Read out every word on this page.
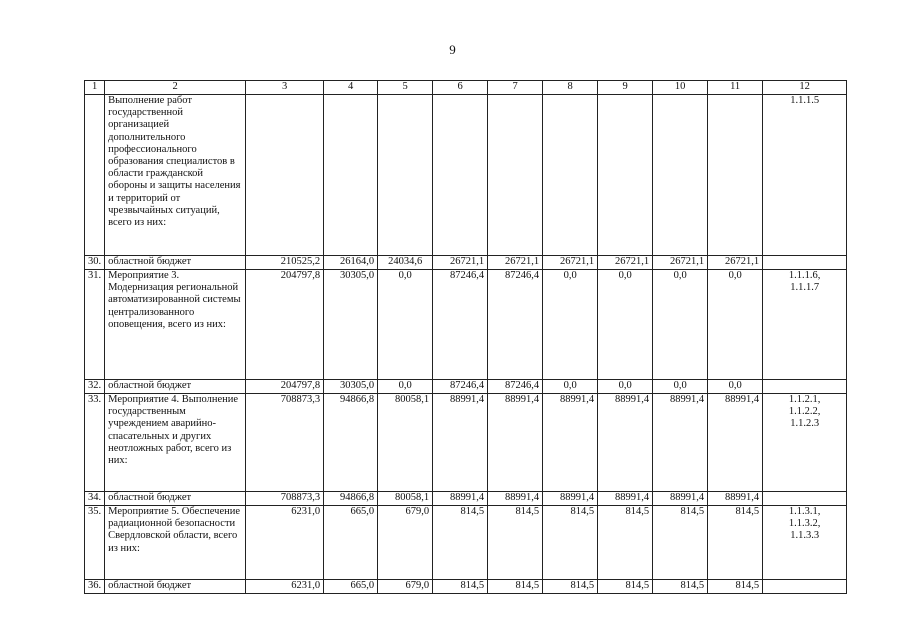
9
1	2	3	4	5	6	7	8	9	10	11	12
	Выполнение работ государственной организацией дополнительного профессионального образования специалистов в области гражданской обороны и защиты населения и территорий от чрезвычайных ситуаций, всего из них:										1.1.1.5

30.	областной бюджет	210525,2	26164,0	24034,6	26721,1	26721,1	26721,1	26721,1	26721,1	26721,1	
31.	Мероприятие 3. Модернизация региональной автоматизированной системы централизованного оповещения, всего из них:	204797,8	30305,0	0,0	87246,4	87246,4	0,0	0,0	0,0	0,0	1.1.1.6,
1.1.1.7

32.	областной бюджет	204797,8	30305,0	0,0	87246,4	87246,4	0,0	0,0	0,0	0,0	
33.	Мероприятие 4. Выполнение государственным учреждением аварийно-спасательных и других неотложных работ, всего из них:	708873,3	94866,8	80058,1	88991,4	88991,4	88991,4	88991,4	88991,4	88991,4	1.1.2.1,
1.1.2.2,
1.1.2.3

34.	областной бюджет	708873,3	94866,8	80058,1	88991,4	88991,4	88991,4	88991,4	88991,4	88991,4	
35.	Мероприятие 5. Обеспечение радиационной безопасности Свердловской области, всего из них:	6231,0	665,0	679,0	814,5	814,5	814,5	814,5	814,5	814,5	1.1.3.1,
1.1.3.2,
1.1.3.3

36.	областной бюджет	6231,0	665,0	679,0	814,5	814,5	814,5	814,5	814,5	814,5	
